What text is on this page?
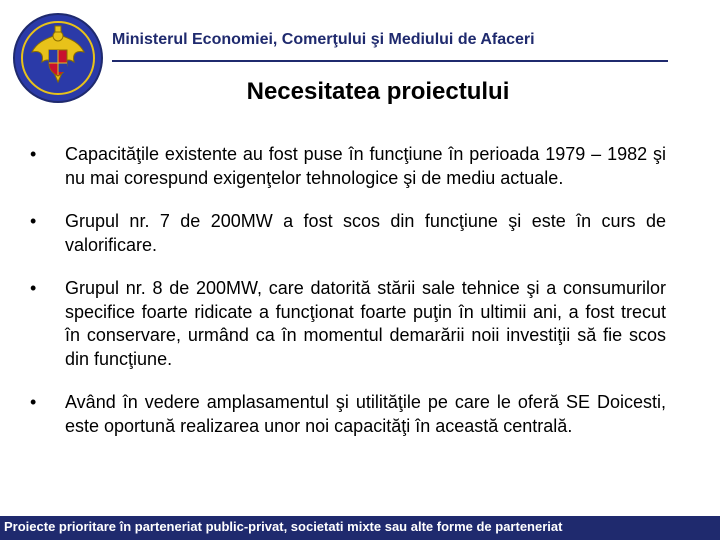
Ministerul Economiei, Comerţului şi Mediului de Afaceri
Necesitatea proiectului
• Capacităţile existente au fost puse în funcţiune în perioada 1979 – 1982 şi nu mai corespund exigenţelor tehnologice şi de mediu actuale.
• Grupul nr. 7 de 200MW a fost scos din funcţiune şi este în curs de valorificare.
• Grupul nr. 8 de 200MW, care datorită stării sale tehnice şi a consumurilor specifice foarte ridicate a funcţionat foarte puţin în ultimii ani, a fost trecut în conservare, urmând ca în momentul demarării noii investiţii să fie scos din funcţiune.
• Având în vedere amplasamentul şi utilităţile pe care le oferă SE Doicesti, este oportună realizarea unor noi capacităţi în această centrală.
Proiecte prioritare în parteneriat public-privat, societati mixte sau alte forme de parteneriat
